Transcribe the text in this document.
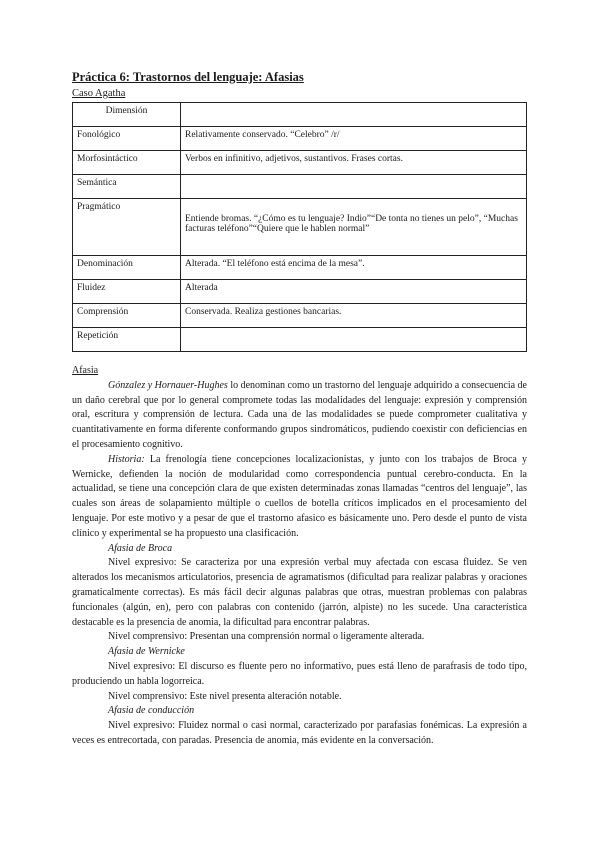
Práctica 6: Trastornos del lenguaje: Afasias

Caso Agatha

Dimensión	
Fonológico	Relativamente conservado. “Celebro” /r/
Morfosintáctico	Verbos en infinitivo, adjetivos, sustantivos. Frases cortas.
Semántica	
Pragmático	Entiende bromas. “¿Cómo es tu lenguaje? Indio”“De tonta no tienes un pelo”, “Muchas facturas teléfono”“Quiere que le hablen normal”

Denominación	Alterada. “El teléfono está encima de la mesa”.
Fluidez	Alterada
Comprensión	Conservada. Realiza gestiones bancarias.
Repetición	

Afasia

Gónzalez y Hornauer-Hughes lo denominan como un trastorno del lenguaje adquirido a consecuencia de un daño cerebral que por lo general compromete todas las modalidades del lenguaje: expresión y comprensión oral, escritura y comprensión de lectura. Cada una de las modalidades se puede comprometer cualitativa y cuantitativamente en forma diferente conformando grupos sindromáticos, pudiendo coexistir con deficiencias en el procesamiento cognitivo.

Historia: La frenología tiene concepciones localizacionistas, y junto con los trabajos de Broca y Wernicke, defienden la noción de modularidad como correspondencia puntual cerebro-conducta. En la actualidad, se tiene una concepción clara de que existen determinadas zonas llamadas “centros del lenguaje”, las cuales son áreas de solapamiento múltiple o cuellos de botella críticos implicados en el procesamiento del lenguaje. Por este motivo y a pesar de que el trastorno afasico es básicamente uno. Pero desde el punto de vista clínico y experimental se ha propuesto una clasificación.

Afasia de Broca

Nivel expresivo: Se caracteriza por una expresión verbal muy afectada con escasa fluidez. Se ven alterados los mecanismos articulatorios, presencia de agramatismos (dificultad para realizar palabras y oraciones gramaticalmente correctas). Es más fácil decir algunas palabras que otras, muestran problemas con palabras funcionales (algún, en), pero con palabras con contenido (jarrón, alpiste) no les sucede. Una característica destacable es la presencia de anomia, la dificultad para encontrar palabras.

Nivel comprensivo: Presentan una comprensión normal o ligeramente alterada.

Afasia de Wernicke

Nivel expresivo: El discurso es fluente pero no informativo, pues está lleno de parafrasis de todo tipo, produciendo un habla logorreica.

Nivel comprensivo: Este nivel presenta alteración notable.

Afasia de conducción

Nivel expresivo: Fluidez normal o casi normal, caracterizado por parafasias fonémicas. La expresión a veces es entrecortada, con paradas. Presencia de anomia, más evidente en la conversación.
